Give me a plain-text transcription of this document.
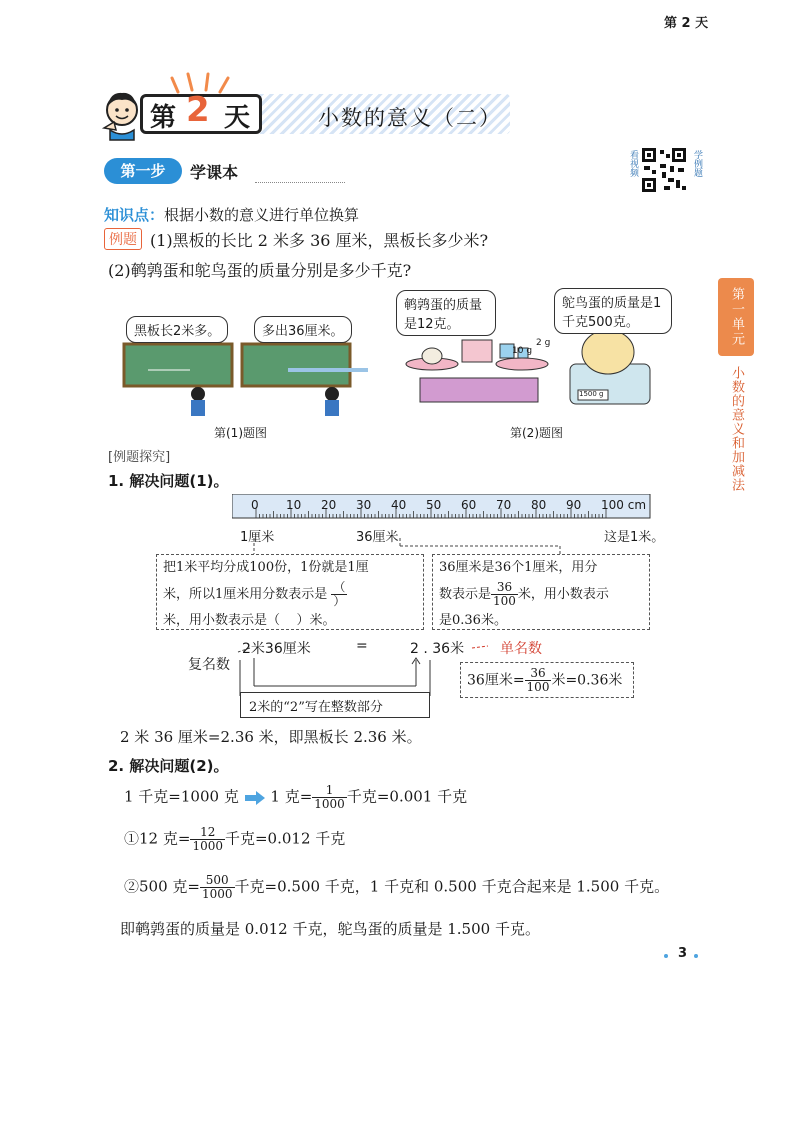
第 2 天
第 2 天	小数的意义（二）
第一步	学课本	看视频	学例题
知识点：根据小数的意义进行单位换算
例题 (1)黑板的长比 2 米多 36 厘米，黑板长多少米?
(2)鹌鹑蛋和鸵鸟蛋的质量分别是多少千克?
第一单元
小数的意义和加减法
黑板长2米多。	多出36厘米。
第(1)题图
鹌鹑蛋的质量是12克。
鸵鸟蛋的质量是1千克500克。
10 g
2 g
1500 g
第(2)题图
[例题探究]
1. 解决问题(1)。
0 10 20 30 40 50 60 70 80 90 100 cm
1厘米	36厘米	这是1米。
把1米平均分成100份，1份就是1厘
米，所以1厘米用分数表示是 $\frac{(}{)}$
米，用小数表示是（ ）米。
36厘米是36个1厘米，用分
数表示是 $\frac{36}{100}$ 米，用小数表示
是0.36米。
复名数
2米36厘米	=	2 . 36米	单名数
36厘米= $\frac{36}{100}$ 米=0.36米
2米的“2”写在整数部分
2 米 36 厘米=2.36 米，即黑板长 2.36 米。
2. 解决问题(2)。
1 千克=1000 克 1 克= $\frac{1}{1000}$ 千克=0.001 千克
①12 克= $\frac{12}{1000}$ 千克=0.012 千克
②500 克= $\frac{500}{1000}$ 千克=0.500 千克，1 千克和 0.500 千克合起来是 1.500 千克。
即鹌鹑蛋的质量是 0.012 千克，鸵鸟蛋的质量是 1.500 千克。
3
